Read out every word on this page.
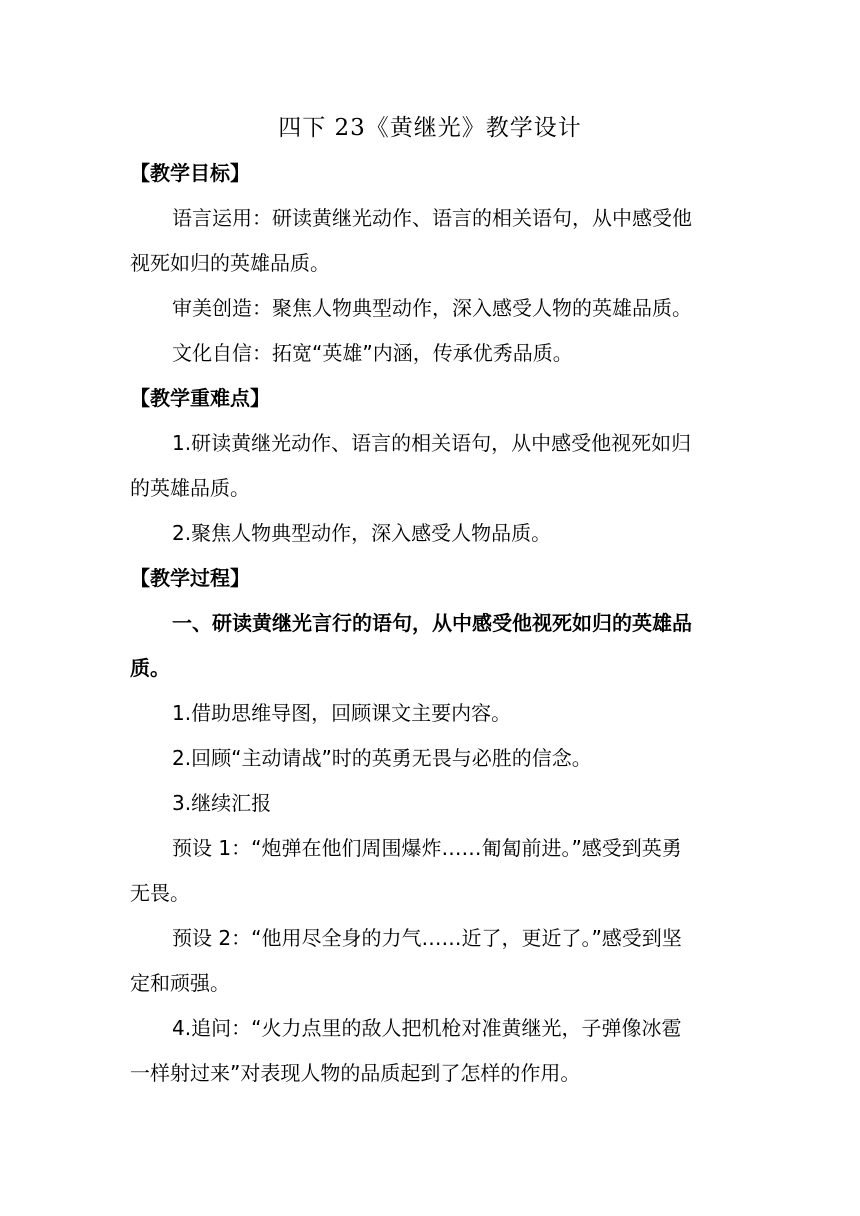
四下 23《黄继光》教学设计
【教学目标】
语言运用：研读黄继光动作、语言的相关语句，从中感受他
视死如归的英雄品质。
审美创造：聚焦人物典型动作，深入感受人物的英雄品质。
文化自信：拓宽“英雄”内涵，传承优秀品质。
【教学重难点】
1.研读黄继光动作、语言的相关语句，从中感受他视死如归
的英雄品质。
2.聚焦人物典型动作，深入感受人物品质。
【教学过程】
一、研读黄继光言行的语句，从中感受他视死如归的英雄品
质。
1.借助思维导图，回顾课文主要内容。
2.回顾“主动请战”时的英勇无畏与必胜的信念。
3.继续汇报
预设 1：“炮弹在他们周围爆炸……匍匐前进。”感受到英勇
无畏。
预设 2：“他用尽全身的力气……近了，更近了。”感受到坚
定和顽强。
4.追问：“火力点里的敌人把机枪对准黄继光，子弹像冰雹
一样射过来”对表现人物的品质起到了怎样的作用。
